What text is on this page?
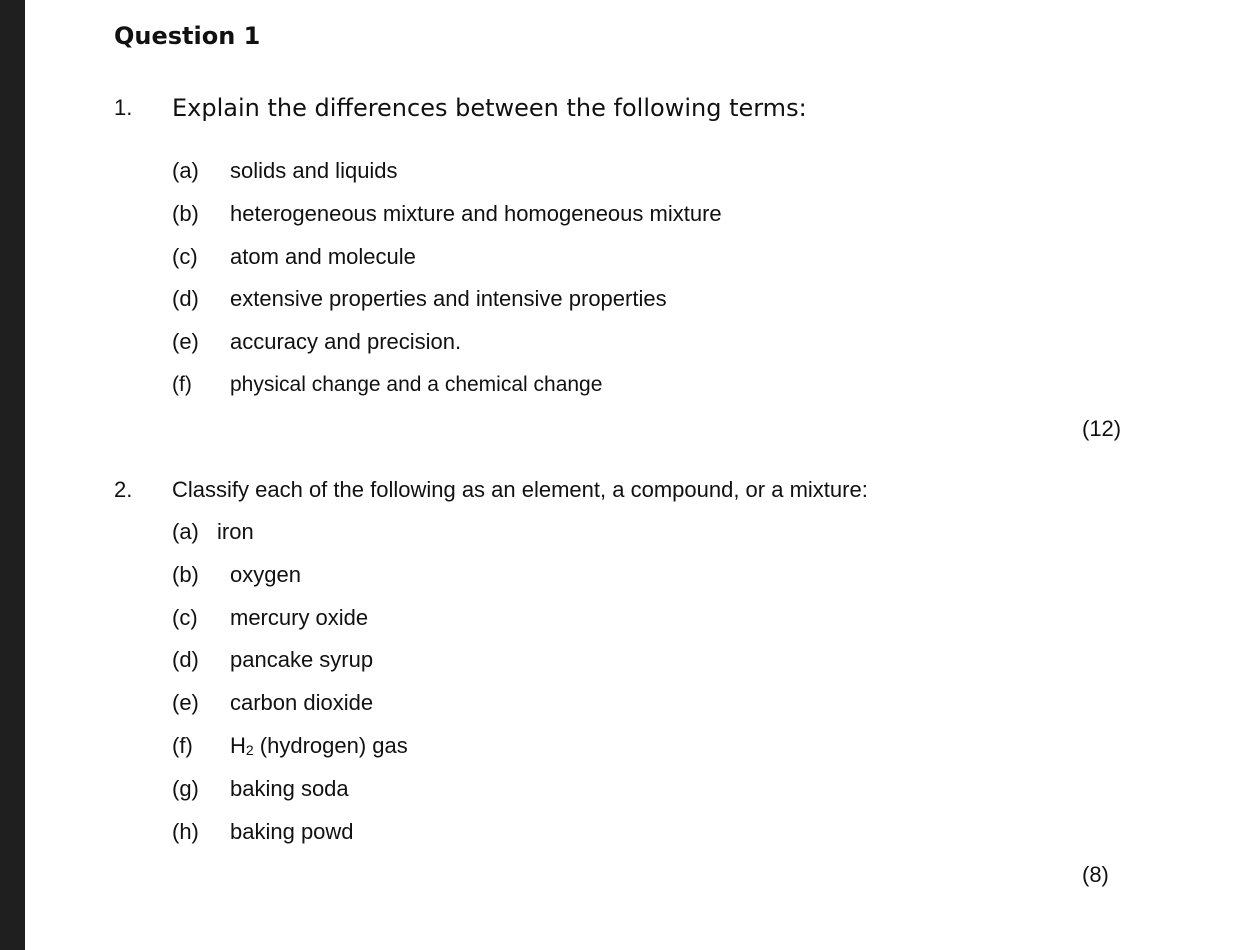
Question 1
1. Explain the differences between the following terms:
(a) solids and liquids
(b) heterogeneous mixture and homogeneous mixture
(c) atom and molecule
(d) extensive properties and intensive properties
(e) accuracy and precision.
(f) physical change and a chemical change
(12)
2. Classify each of the following as an element, a compound, or a mixture:
(a) iron
(b) oxygen
(c) mercury oxide
(d) pancake syrup
(e) carbon dioxide
(f) $H_2$ (hydrogen) gas
(g) baking soda
(h) baking powd
(8)
